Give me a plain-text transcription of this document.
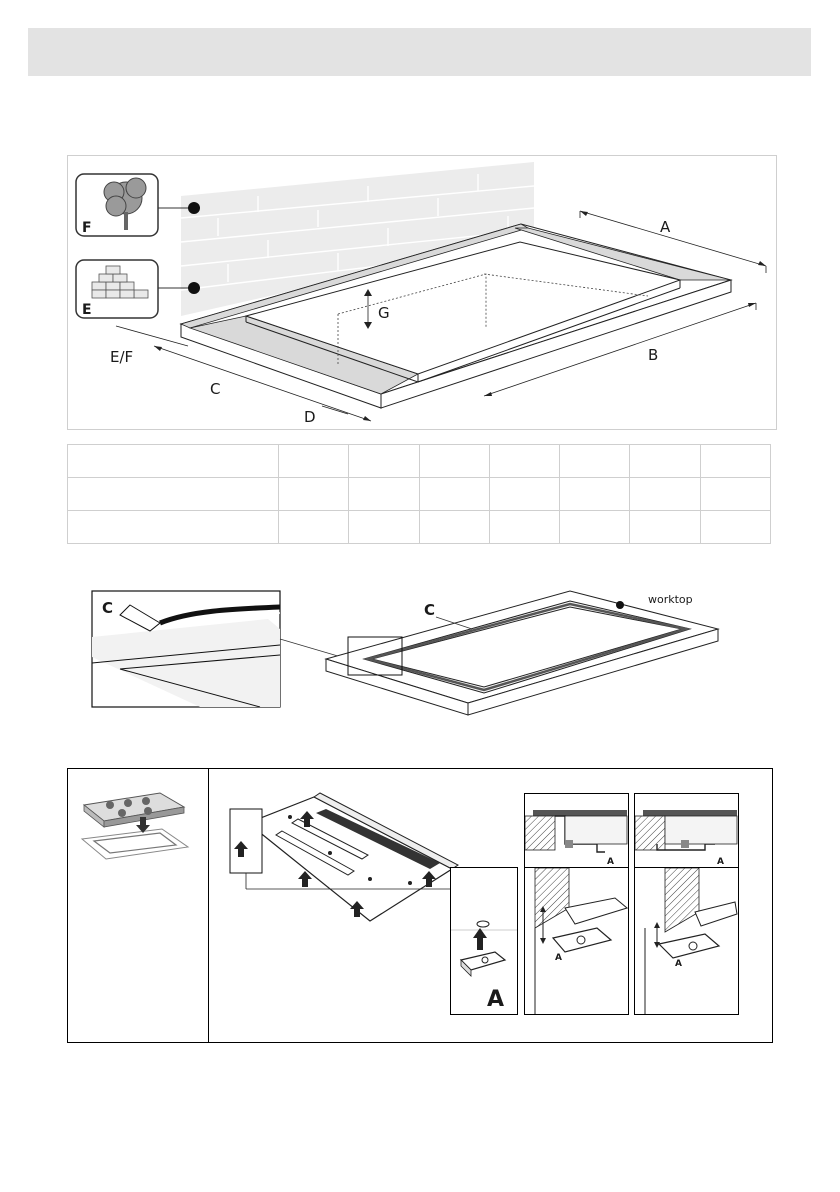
F
E
A
B
C
D
E/F
G

C	C
worktop
A
A	A
A
A
